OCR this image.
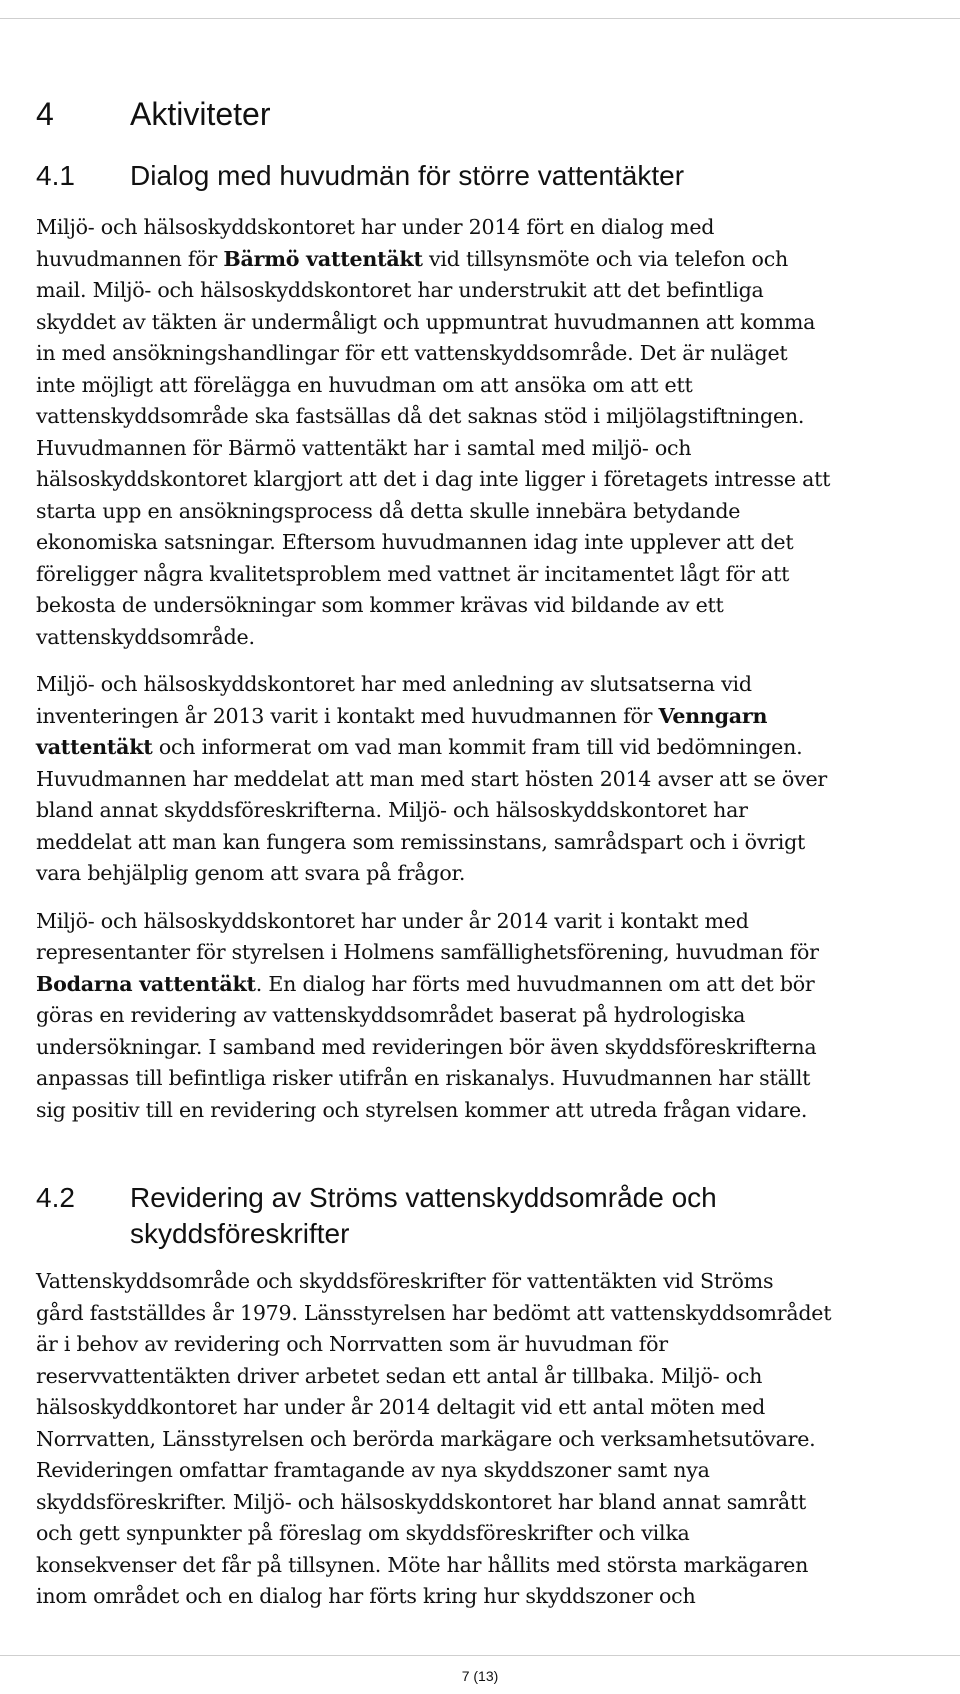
4	Aktiviteter
4.1	Dialog med huvudmän för större vattentäkter

Miljö- och hälsoskyddskontoret har under 2014 fört en dialog med
huvudmannen för Bärmö vattentäkt vid tillsynsmöte och via telefon och
mail. Miljö- och hälsoskyddskontoret har understrukit att det befintliga
skyddet av täkten är undermåligt och uppmuntrat huvudmannen att komma
in med ansökningshandlingar för ett vattenskyddsområde. Det är nuläget
inte möjligt att förelägga en huvudman om att ansöka om att ett
vattenskyddsområde ska fastsällas då det saknas stöd i miljölagstiftningen.
Huvudmannen för Bärmö vattentäkt har i samtal med miljö- och
hälsoskyddskontoret klargjort att det i dag inte ligger i företagets intresse att
starta upp en ansökningsprocess då detta skulle innebära betydande
ekonomiska satsningar. Eftersom huvudmannen idag inte upplever att det
föreligger några kvalitetsproblem med vattnet är incitamentet lågt för att
bekosta de undersökningar som kommer krävas vid bildande av ett
vattenskyddsområde.

Miljö- och hälsoskyddskontoret har med anledning av slutsatserna vid
inventeringen år 2013 varit i kontakt med huvudmannen för Venngarn
vattentäkt och informerat om vad man kommit fram till vid bedömningen.
Huvudmannen har meddelat att man med start hösten 2014 avser att se över
bland annat skyddsföreskrifterna. Miljö- och hälsoskyddskontoret har
meddelat att man kan fungera som remissinstans, samrådspart och i övrigt
vara behjälplig genom att svara på frågor.

Miljö- och hälsoskyddskontoret har under år 2014 varit i kontakt med
representanter för styrelsen i Holmens samfällighetsförening, huvudman för
Bodarna vattentäkt. En dialog har förts med huvudmannen om att det bör
göras en revidering av vattenskyddsområdet baserat på hydrologiska
undersökningar. I samband med revideringen bör även skyddsföreskrifterna
anpassas till befintliga risker utifrån en riskanalys. Huvudmannen har ställt
sig positiv till en revidering och styrelsen kommer att utreda frågan vidare.

4.2	Revidering av Ströms vattenskyddsområde och
skyddsföreskrifter

Vattenskyddsområde och skyddsföreskrifter för vattentäkten vid Ströms
gård fastställdes år 1979. Länsstyrelsen har bedömt att vattenskyddsområdet
är i behov av revidering och Norrvatten som är huvudman för
reservvattentäkten driver arbetet sedan ett antal år tillbaka. Miljö- och
hälsoskyddkontoret har under år 2014 deltagit vid ett antal möten med
Norrvatten, Länsstyrelsen och berörda markägare och verksamhetsutövare.
Revideringen omfattar framtagande av nya skyddszoner samt nya
skyddsföreskrifter. Miljö- och hälsoskyddskontoret har bland annat samrått
och gett synpunkter på föreslag om skyddsföreskrifter och vilka
konsekvenser det får på tillsynen. Möte har hållits med största markägaren
inom området och en dialog har förts kring hur skyddszoner och

7 (13)
